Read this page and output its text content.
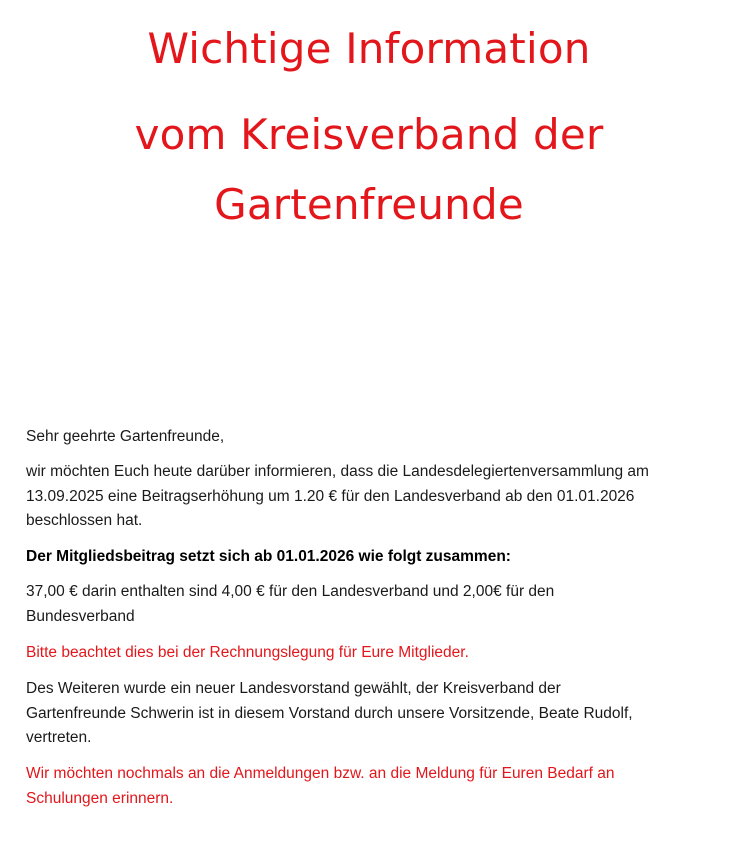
Wichtige Information
vom Kreisverband der
Gartenfreunde

Sehr geehrte Gartenfreunde,

wir möchten Euch heute darüber informieren, dass die Landesdelegiertenversammlung am
13.09.2025 eine Beitragserhöhung um 1.20 € für den Landesverband ab den 01.01.2026
beschlossen hat.

Der Mitgliedsbeitrag setzt sich ab 01.01.2026 wie folgt zusammen:

37,00 € darin enthalten sind 4,00 € für den Landesverband und 2,00€ für den
Bundesverband

Bitte beachtet dies bei der Rechnungslegung für Eure Mitglieder.

Des Weiteren wurde ein neuer Landesvorstand gewählt, der Kreisverband der
Gartenfreunde Schwerin ist in diesem Vorstand durch unsere Vorsitzende, Beate Rudolf,
vertreten.
Wir möchten nochmals an die Anmeldungen bzw. an die Meldung für Euren Bedarf an
Schulungen erinnern.
